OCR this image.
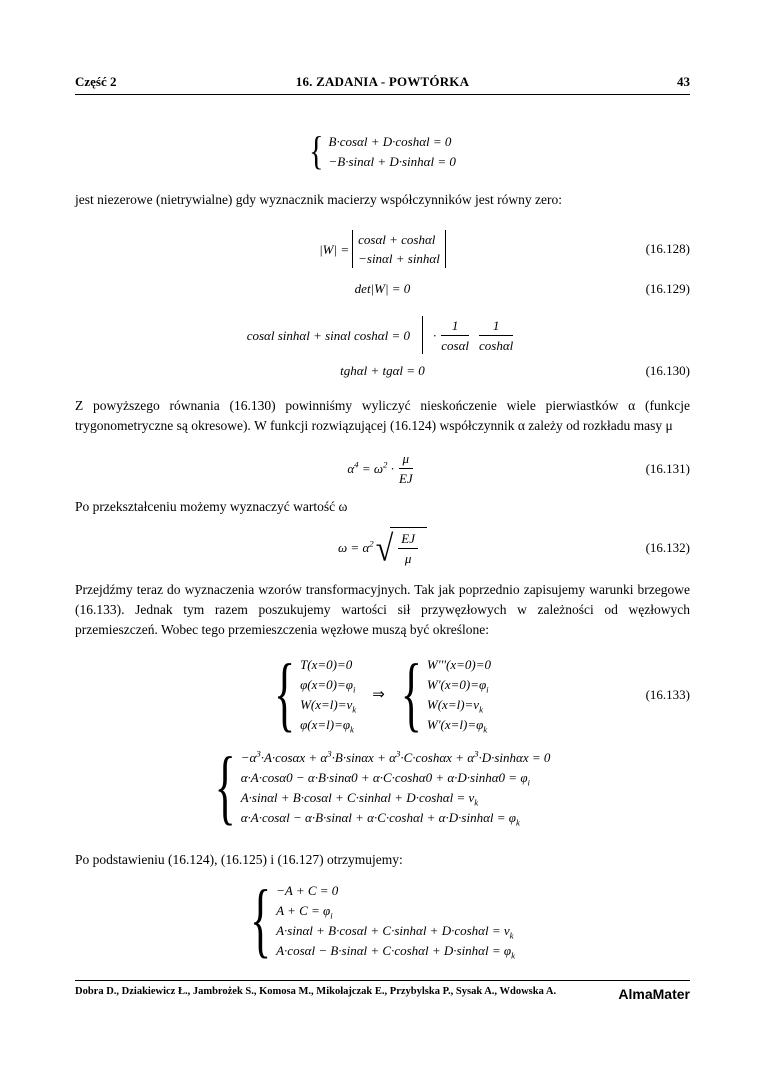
Część 2	16. ZADANIA - POWTÓRKA	43
{ B·cosαl + D·coshαl = 0
−B·sinαl + D·sinhαl = 0

jest niezerowe (nietrywialne) gdy wyznacznik macierzy współczynników jest równy zero:

|W| =
cosαl + coshαl
−sinαl + sinhαl
(16.128)
det|W| = 0	(16.129)
cosαl sinhαl + sinαl $\cosh\alpha l = 0 \cdot \frac{1}{\cos\alpha l} \frac{1}{\cosh\alpha l}$
tghαl + tgαl = 0	(16.130)

Z powyższego równania (16.130) powinniśmy wyliczyć nieskończenie wiele pierwiastków α (funkcje trygonometryczne są okresowe). W funkcji rozwiązującej (16.124) współczynnik α zależy od rozkładu masy μ

$\alpha^4 = \omega^2 \cdot \frac{\mu}{EJ}$	(16.131)

Po przekształceniu możemy wyznaczyć wartość ω

$\omega = \alpha^2$ √ $\frac{EJ}{\mu}$	(16.132)

Przejdźmy teraz do wyznaczenia wzorów transformacyjnych. Tak jak poprzednio zapisujemy warunki brzegowe (16.133). Jednak tym razem poszukujemy wartości sił przywęzłowych w zależności od węzłowych przemieszczeń. Wobec tego przemieszczenia węzłowe muszą być określone:

{ T(x=0)=0
$\varphi(x=0)=\varphi_i$
$W(x=l)=v_k$
$\varphi(x=l)=\varphi_k$
⇒ { W'''(x=0)=0
$W'(x=0)=\varphi_i$
$W(x=l)=v_k$
$W'(x=l)=\varphi_k$
(16.133)
{ $-\alpha^3\cdot A\cdot\cos\alpha x + \alpha^3\cdot B\cdot\sin\alpha x + \alpha^3\cdot C\cdot\cosh\alpha x + \alpha^3\cdot D\cdot\sinh\alpha x = 0$
$\alpha\cdot A\cdot\cos\alpha 0 - \alpha\cdot B\cdot\sin\alpha 0 + \alpha\cdot C\cdot\cosh\alpha 0 + \alpha\cdot D\cdot\sinh\alpha 0 = \varphi_i$
$A\cdot\sin\alpha l + B\cdot\cos\alpha l + C\cdot\sinh\alpha l + D\cdot\cosh\alpha l = v_k$
$\alpha\cdot A\cdot\cos\alpha l - \alpha\cdot B\cdot\sin\alpha l + \alpha\cdot C\cdot\cosh\alpha l + \alpha\cdot D\cdot\sinh\alpha l = \varphi_k$

Po podstawieniu (16.124), (16.125) i (16.127) otrzymujemy:

{ −A + C = 0
$A + C = \varphi_i$
$A\cdot\sin\alpha l + B\cdot\cos\alpha l + C\cdot\sinh\alpha l + D\cdot\cosh\alpha l = v_k$
$A\cdot\cos\alpha l - B\cdot\sin\alpha l + C\cdot\cosh\alpha l + D\cdot\sinh\alpha l = \varphi_k$
Dobra D., Dziakiewicz Ł., Jambrożek S., Komosa M., Mikołajczak E., Przybylska P., Sysak A., Wdowska A.	AlmaMater
